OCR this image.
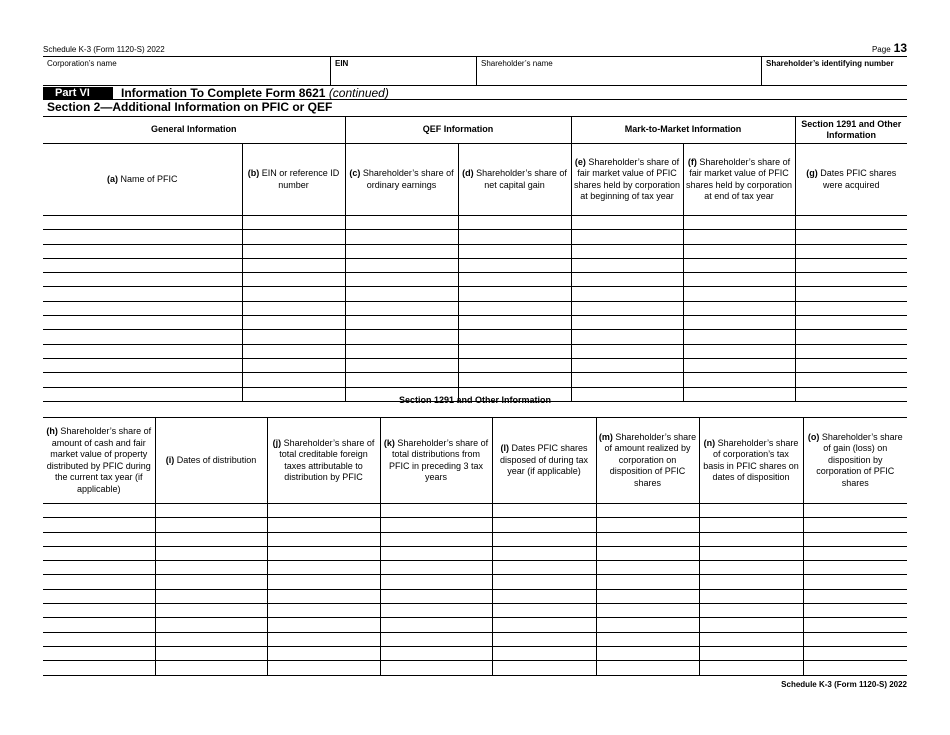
Schedule K-3 (Form 1120-S) 2022	Page 13
Corporation’s name	EIN	Shareholder’s name	Shareholder’s identifying number
Part VI	Information To Complete Form 8621 (continued)
Section 2—Additional Information on PFIC or QEF
General Information		QEF Information		Mark-to-Market Information		Section 1291 and Other Information
(a) Name of PFIC	(b) EIN or reference ID number	(c) Shareholder’s share of ordinary earnings	(d) Shareholder’s share of net capital gain	(e) Shareholder’s share of fair market value of PFIC shares held by corporation at beginning of tax year	(f) Shareholder’s share of fair market value of PFIC shares held by corporation at end of tax year	(g) Dates PFIC shares were acquired

Section 1291 and Other Information
(h) Shareholder’s share of amount of cash and fair market value of property distributed by PFIC during the current tax year (if applicable)	(i) Dates of distribution	(j) Shareholder’s share of total creditable foreign taxes attributable to distribution by PFIC	(k) Shareholder’s share of total distributions from PFIC in preceding 3 tax years	(l) Dates PFIC shares disposed of during tax year (if applicable)	(m) Shareholder’s share of amount realized by corporation on disposition of PFIC shares	(n) Shareholder’s share of corporation’s tax basis in PFIC shares on dates of disposition	(o) Shareholder’s share of gain (loss) on disposition by corporation of PFIC shares

Schedule K-3 (Form 1120-S) 2022
